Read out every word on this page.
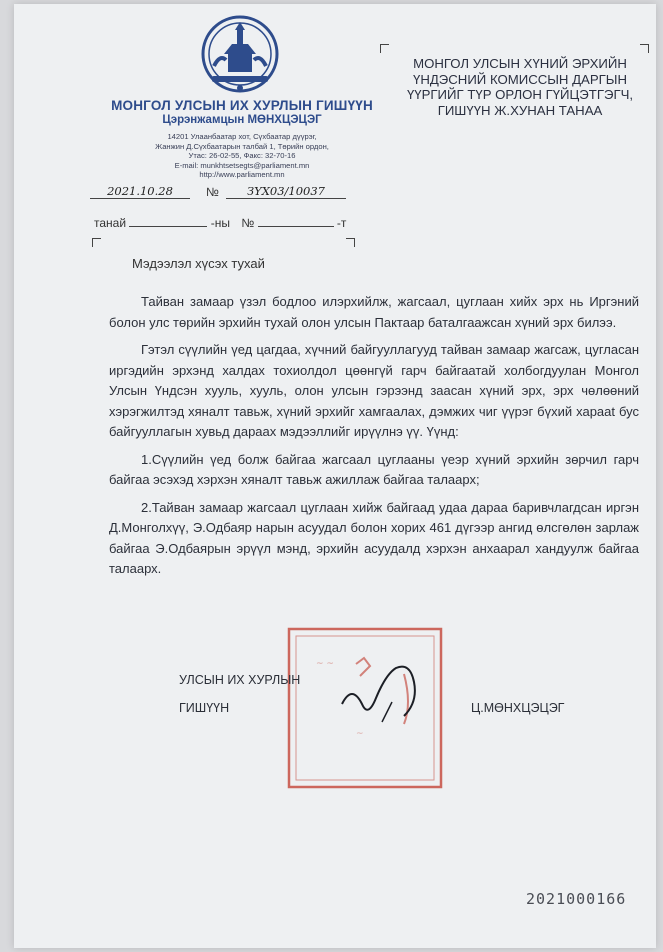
МОНГОЛ УЛСЫН ИХ ХУРЛЫН ГИШҮҮН
Цэрэнжамцын МӨНХЦЭЦЭГ
14201 Улаанбаатар хот, Сүхбаатар дүүрэг,
Жанжин Д.Сүхбаатарын талбай 1, Төрийн ордон,
Утас: 26-02-55, Факс: 32-70-16
E-mail: munkhtsetsegts@parliament.mn
http://www.parliament.mn
МОНГОЛ УЛСЫН ХҮНИЙ ЭРХИЙН
ҮНДЭСНИЙ КОМИССЫН ДАРГЫН
ҮҮРГИЙГ ТҮР ОРЛОН ГҮЙЦЭТГЭГЧ,
ГИШҮҮН Ж.ХУНАН ТАНАА
2021.10.28	№	ЗҮХ03/10037
танай	-ны №	-т
Мэдээлэл хүсэх тухай

Тайван замаар үзэл бодлоо илэрхийлж, жагсаал, цуглаан хийх эрх нь Иргэний болон улс төрийн эрхийн тухай олон улсын Пактаар баталгаажсан хүний эрх билээ.

Гэтэл сүүлийн үед цагдаа, хүчний байгууллагууд тайван замаар жагсаж, цугласан иргэдийн эрхэнд халдах тохиолдол цөөнгүй гарч байгаатай холбогдуулан Монгол Улсын Үндсэн хууль, хууль, олон улсын гэрээнд заасан хүний эрх, эрх чөлөөний хэрэгжилтэд хяналт тавьж, хүний эрхийг хамгаалах, дэмжих чиг үүрэг бүхий харааt бус байгууллагын хувьд дараах мэдээллийг ирүүлнэ үү. Үүнд:

1.Сүүлийн үед болж байгаа жагсаал цуглааны үеэр хүний эрхийн зөрчил гарч байгаа эсэхэд хэрхэн хяналт тавьж ажиллаж байгаа талаарх;

2.Тайван замаар жагсаал цуглаан хийж байгаад удаа дараа баривчлагдсан иргэн Д.Монголхүү, Э.Одбаяр нарын асуудал болон хорих 461 дүгээр ангид өлсгөлөн зарлаж байгаа Э.Одбаярын эрүүл мэнд, эрхийн асуудалд хэрхэн анхаарал хандуулж байгаа талаарх.

~ ~
~
УЛСЫН ИХ ХУРЛЫН
ГИШҮҮН	Ц.МӨНХЦЭЦЭГ
2021000166
